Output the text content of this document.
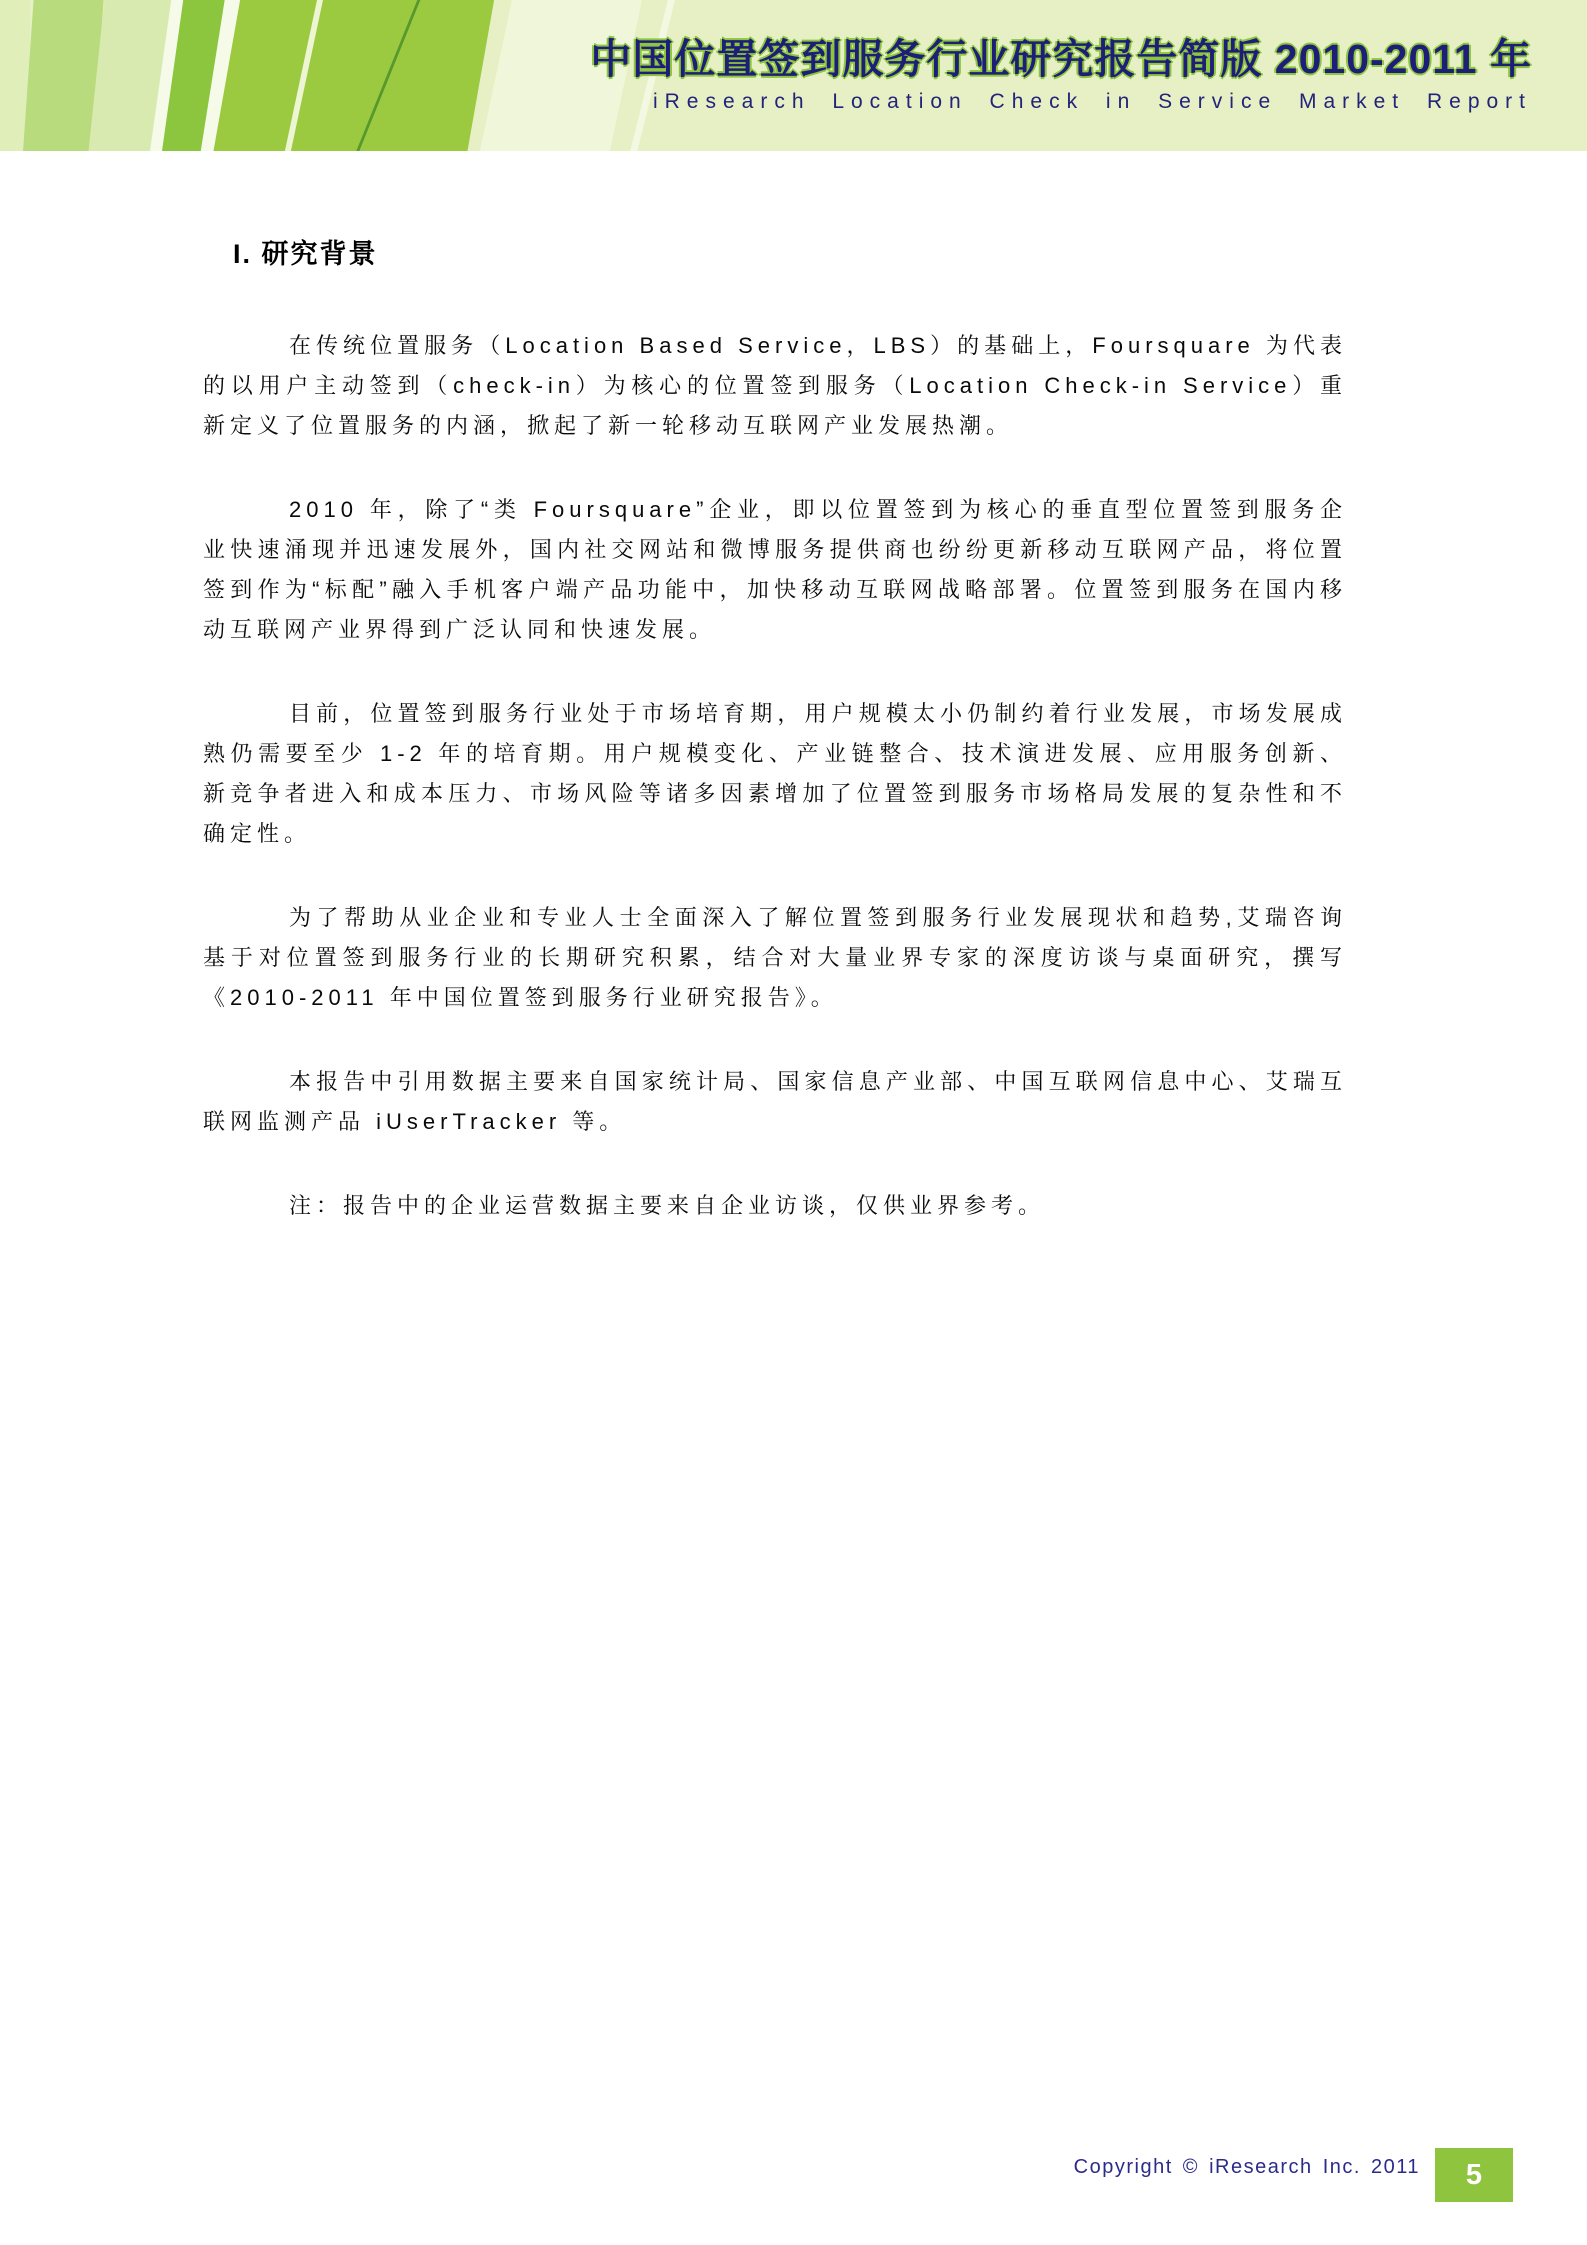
中国位置签到服务行业研究报告简版 2010-2011 年
iResearch Location Check in Service Market Report
I. 研究背景

在传统位置服务（Location Based Service，LBS）的基础上，Foursquare 为代表的以用户主动签到（check-in）为核心的位置签到服务（Location Check-in Service）重新定义了位置服务的内涵，掀起了新一轮移动互联网产业发展热潮。

2010 年，除了“类 Foursquare”企业，即以位置签到为核心的垂直型位置签到服务企业快速涌现并迅速发展外，国内社交网站和微博服务提供商也纷纷更新移动互联网产品，将位置签到作为“标配”融入手机客户端产品功能中，加快移动互联网战略部署。位置签到服务在国内移动互联网产业界得到广泛认同和快速发展。

目前，位置签到服务行业处于市场培育期，用户规模太小仍制约着行业发展，市场发展成熟仍需要至少 1-2 年的培育期。用户规模变化、产业链整合、技术演进发展、应用服务创新、新竞争者进入和成本压力、市场风险等诸多因素增加了位置签到服务市场格局发展的复杂性和不确定性。

为了帮助从业企业和专业人士全面深入了解位置签到服务行业发展现状和趋势,艾瑞咨询基于对位置签到服务行业的长期研究积累，结合对大量业界专家的深度访谈与桌面研究，撰写《2010-2011 年中国位置签到服务行业研究报告》。

本报告中引用数据主要来自国家统计局、国家信息产业部、中国互联网信息中心、艾瑞互联网监测产品 iUserTracker 等。

注：报告中的企业运营数据主要来自企业访谈，仅供业界参考。

Copyright © iResearch Inc. 2011	5
